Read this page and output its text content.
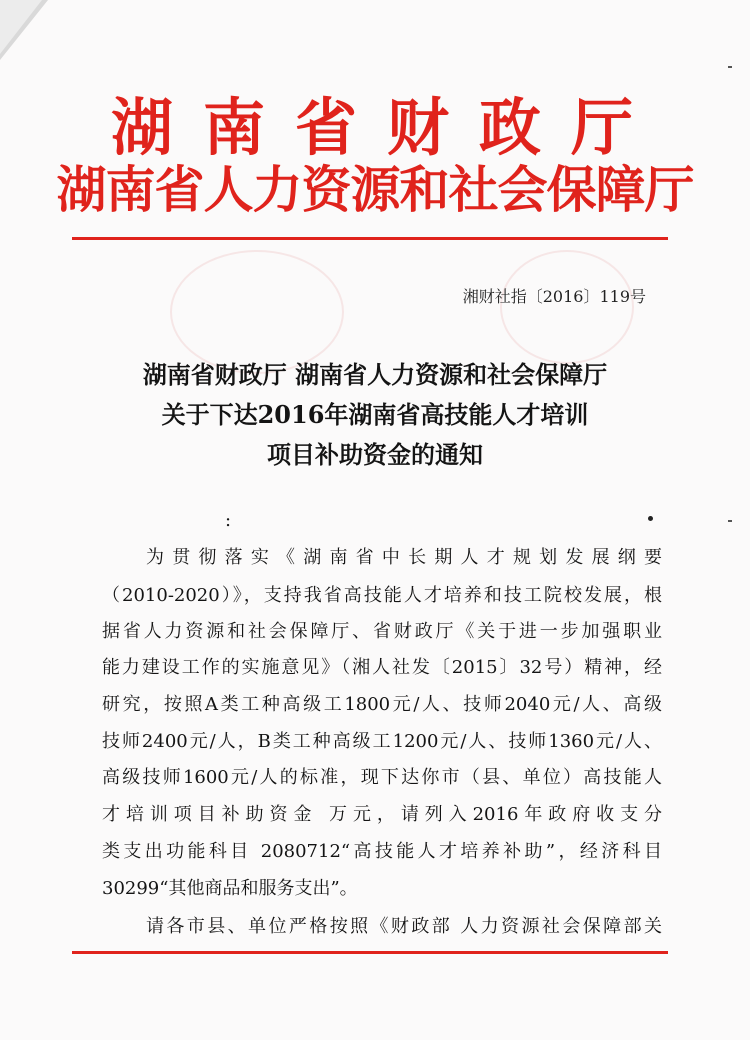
湖南省财政厅
湖南省人力资源和社会保障厅
湘财社指〔2016〕119号
湖南省财政厅 湖南省人力资源和社会保障厅
关于下达2016年湖南省高技能人才培训
项目补助资金的通知
:
为贯彻落实《湖南省中长期人才规划发展纲要
（2010-2020）》，支持我省高技能人才培养和技工院校发展，根
据省人力资源和社会保障厅、省财政厅《关于进一步加强职业
能力建设工作的实施意见》（湘人社发〔2015〕32号）精神，经
研究，按照A类工种高级工1800元/人、技师2040元/人、高级
技师2400元/人，B类工种高级工1200元/人、技师1360元/人、
高级技师1600元/人的标准，现下达你市（县、单位）高技能人
才培训项目补助资金 万元，请列入2016年政府收支分
类支出功能科目 2080712“高技能人才培养补助”，经济科目
30299“其他商品和服务支出”。
请各市县、单位严格按照《财政部 人力资源社会保障部关
